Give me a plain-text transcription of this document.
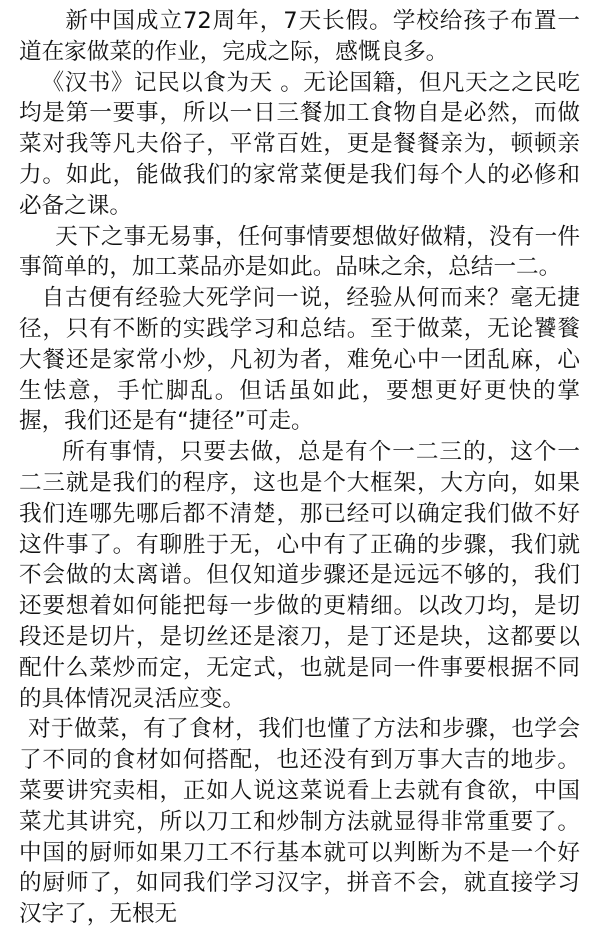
新中国成立72周年，7天长假。学校给孩子布置一道在家做菜的作业，完成之际，感慨良多。

《汉书》记民以食为天 。无论国籍，但凡天之之民吃均是第一要事，所以一日三餐加工食物自是必然，而做菜对我等凡夫俗子，平常百姓，更是餐餐亲为，顿顿亲力。如此，能做我们的家常菜便是我们每个人的必修和必备之课。

天下之事无易事，任何事情要想做好做精，没有一件事简单的，加工菜品亦是如此。品味之余，总结一二。

自古便有经验大死学问一说，经验从何而来？毫无捷径，只有不断的实践学习和总结。至于做菜，无论饕餮大餐还是家常小炒，凡初为者，难免心中一团乱麻，心生怯意，手忙脚乱。但话虽如此，要想更好更快的掌握，我们还是有“捷径”可走。

所有事情，只要去做，总是有个一二三的，这个一二三就是我们的程序，这也是个大框架，大方向，如果我们连哪先哪后都不清楚，那已经可以确定我们做不好这件事了。有聊胜于无，心中有了正确的步骤，我们就不会做的太离谱。但仅知道步骤还是远远不够的，我们还要想着如何能把每一步做的更精细。以改刀均，是切段还是切片，是切丝还是滚刀，是丁还是块，这都要以配什么菜炒而定，无定式，也就是同一件事要根据不同的具体情况灵活应变。

对于做菜，有了食材，我们也懂了方法和步骤，也学会了不同的食材如何搭配，也还没有到万事大吉的地步。菜要讲究卖相，正如人说这菜说看上去就有食欲，中国菜尤其讲究，所以刀工和炒制方法就显得非常重要了。中国的厨师如果刀工不行基本就可以判断为不是一个好的厨师了，如同我们学习汉字，拼音不会，就直接学习汉字了，无根无
